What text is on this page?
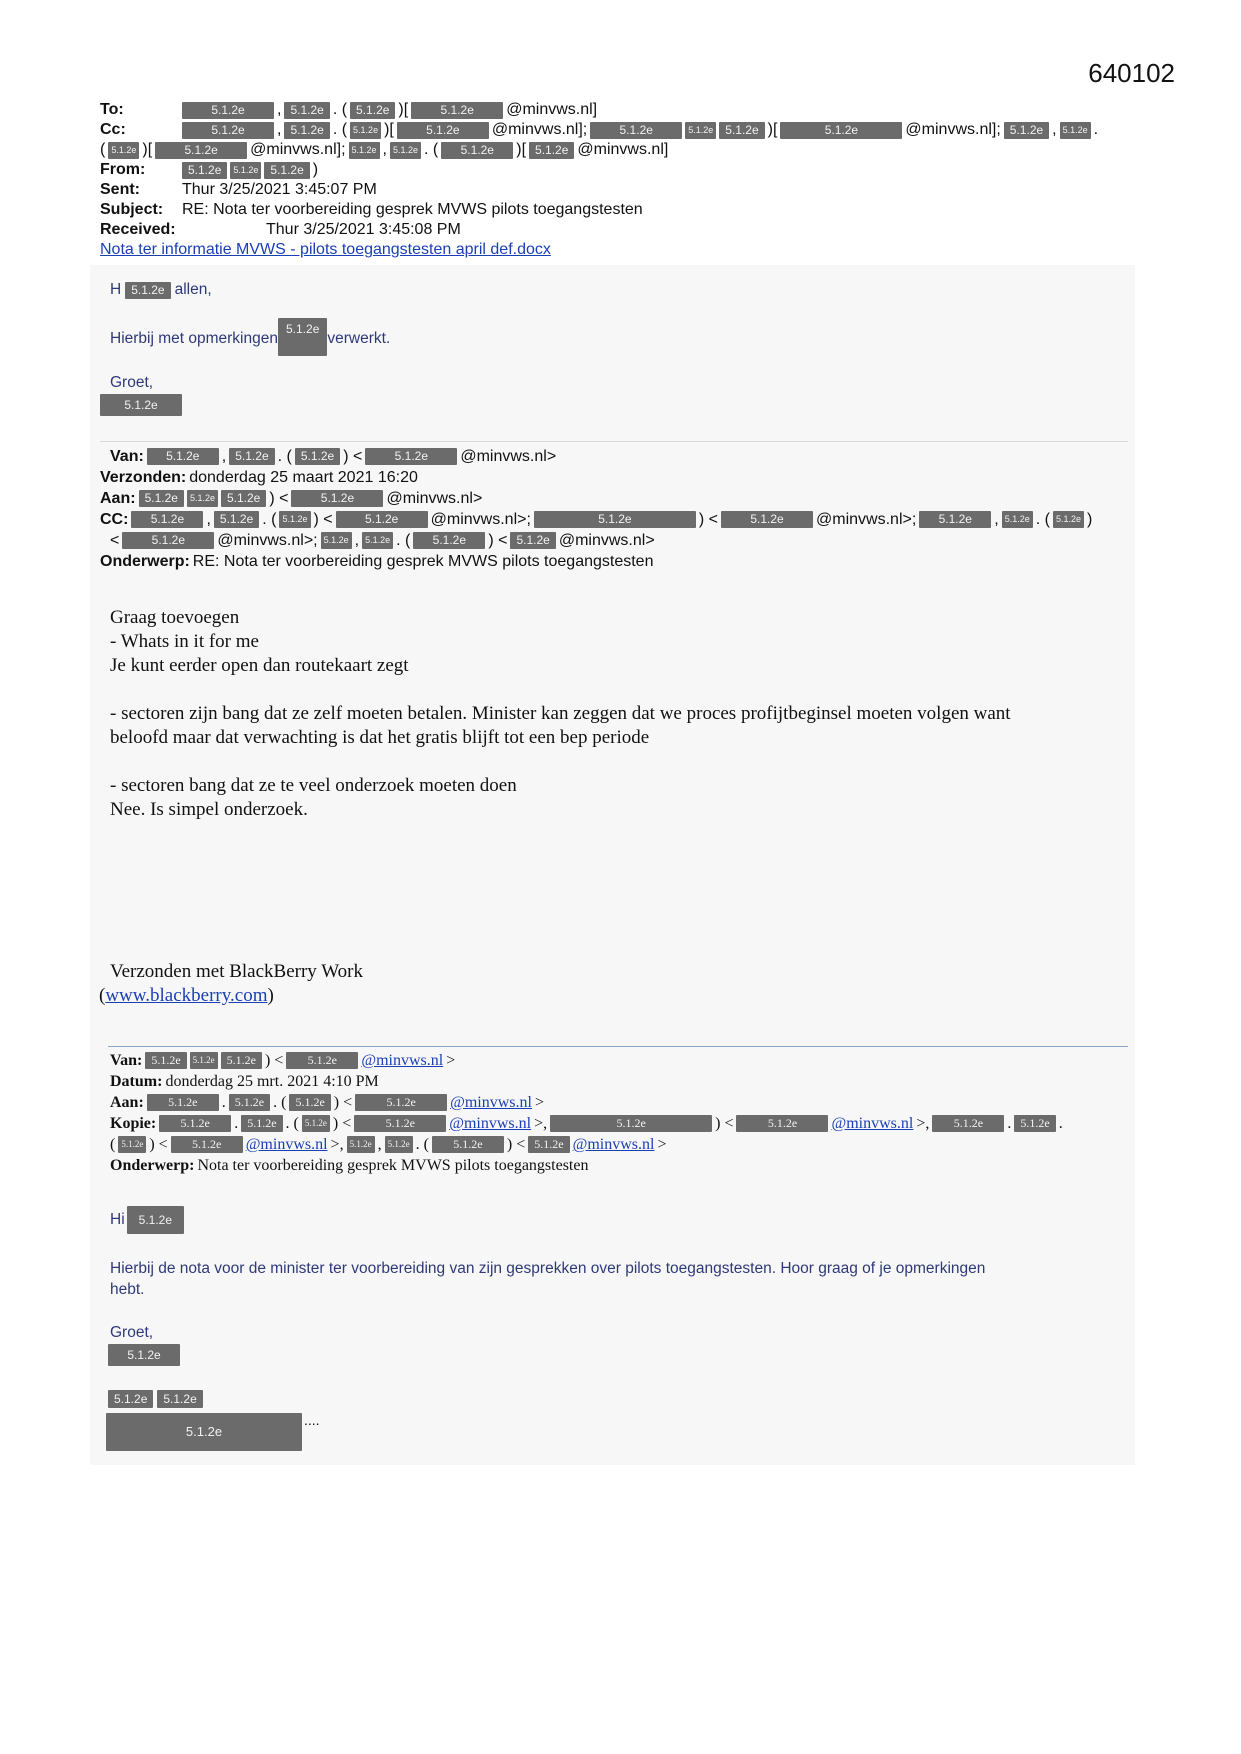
640102
To:	5.1.2e	, 5.1.2e . ( 5.1.2e )[	5.1.2e	@minvws.nl]
Cc:	5.1.2e	, 5.1.2e . ( 5.1.2e )[	5.1.2e	@minvws.nl];	5.1.2e	5.1.2e	5.1.2e )[	5.1.2e	@minvws.nl]; 5.1.2e , 5.1.2e .
( 5.1.2e )[	5.1.2e	@minvws.nl]; 5.1.2e , 5.1.2e . (	5.1.2e	)[ 5.1.2e @minvws.nl]
From:	5.1.2e	5.1.2e	5.1.2e )
Sent:	Thur 3/25/2021 3:45:07 PM
Subject:	RE: Nota ter voorbereiding gesprek MVWS pilots toegangstesten
Received:	Thur 3/25/2021 3:45:08 PM
Nota ter informatie MVWS - pilots toegangstesten april def.docx
H 5.1.2e allen,
Hierbij met opmerkingen
5.1.2e
verwerkt.
Groet,
5.1.2e
Van:	5.1.2e	, 5.1.2e . ( 5.1.2e ) <	5.1.2e	@minvws.nl>
Verzonden: donderdag 25 maart 2021 16:20
Aan: 5.1.2e	5.1.2e	5.1.2e ) <	5.1.2e	@minvws.nl>
CC:	5.1.2e	, 5.1.2e . ( 5.1.2e ) <	5.1.2e	@minvws.nl>;	5.1.2e	) <	5.1.2e	@minvws.nl>;	5.1.2e	, 5.1.2e . ( 5.1.2e )
<	5.1.2e	@minvws.nl>; 5.1.2e , 5.1.2e . (	5.1.2e	) < 5.1.2e @minvws.nl>
Onderwerp: RE: Nota ter voorbereiding gesprek MVWS pilots toegangstesten
Graag toevoegen
- Whats in it for me
Je kunt eerder open dan routekaart zegt
- sectoren zijn bang dat ze zelf moeten betalen. Minister kan zeggen dat we proces profijtbeginsel moeten volgen want
beloofd maar dat verwachting is dat het gratis blijft tot een bep periode
- sectoren bang dat ze te veel onderzoek moeten doen
Nee. Is simpel onderzoek.
Verzonden met BlackBerry Work
(www.blackberry.com)
Van: 5.1.2e	5.1.2e	5.1.2e ) <	5.1.2e	@minvws.nl >
Datum: donderdag 25 mrt. 2021 4:10 PM
Aan:	5.1.2e	. 5.1.2e . ( 5.1.2e ) <	5.1.2e	@minvws.nl >
Kopie:	5.1.2e	. 5.1.2e . ( 5.1.2e ) <	5.1.2e	@minvws.nl >,	5.1.2e	) <	5.1.2e	@minvws.nl >,	5.1.2e	. 5.1.2e .
( 5.1.2e ) <	5.1.2e	@minvws.nl >, 5.1.2e , 5.1.2e . (	5.1.2e	) < 5.1.2e @minvws.nl >
Onderwerp: Nota ter voorbereiding gesprek MVWS pilots toegangstesten
Hi	5.1.2e
Hierbij de nota voor de minister ter voorbereiding van zijn gesprekken over pilots toegangstesten. Hoor graag of je opmerkingen
hebt.
Groet,
5.1.2e
5.1.2e	5.1.2e
5.1.2e
....
